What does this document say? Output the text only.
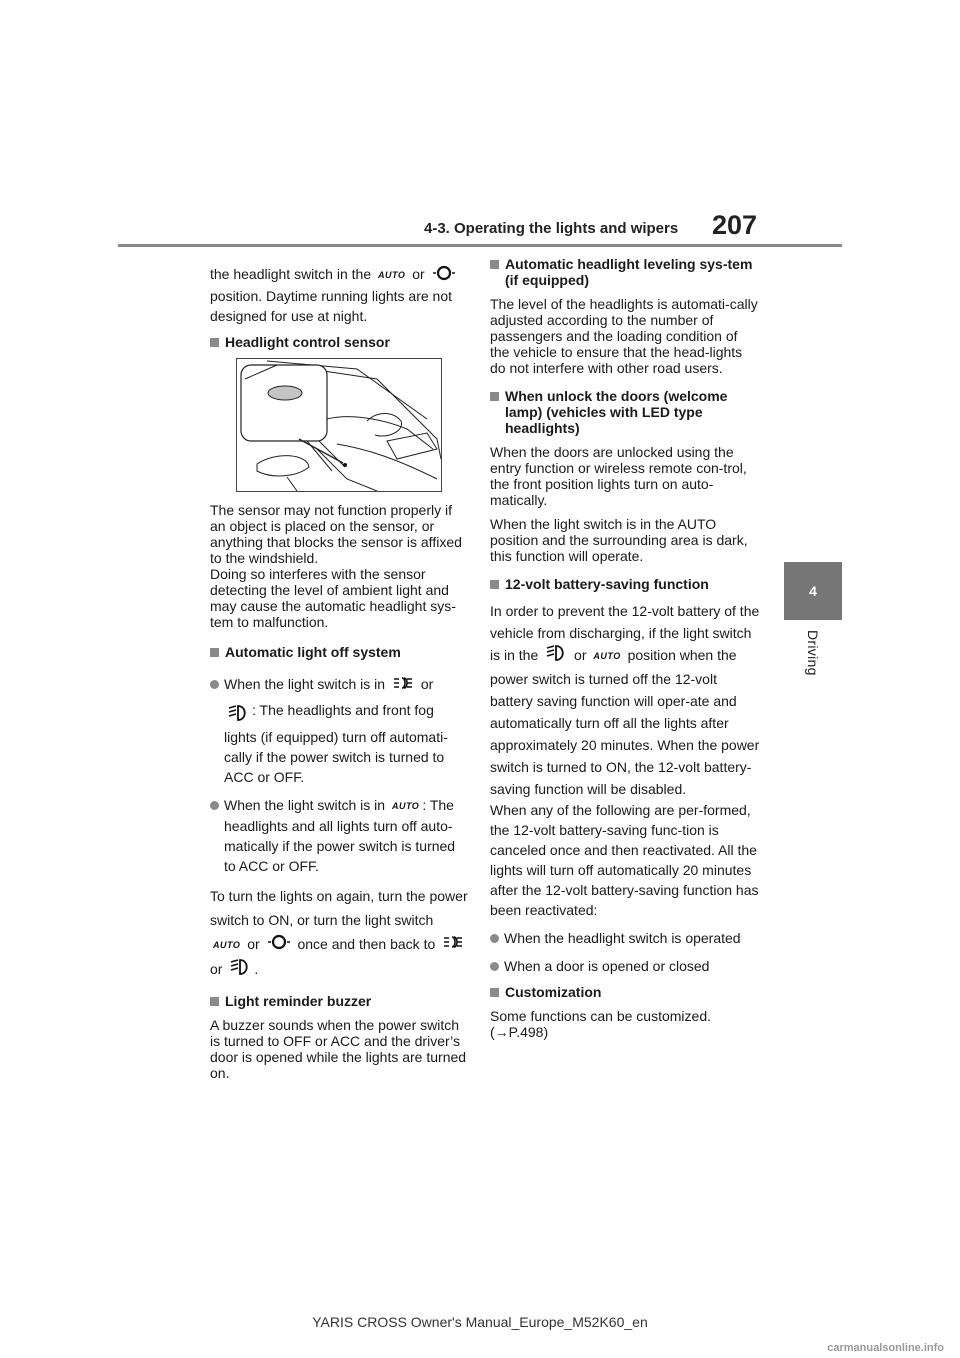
4-3. Operating the lights and wipers 207
4
Driving

the headlight switch in the AUTO or  position. Daytime running lights are not designed for use at night.

Headlight control sensor

The sensor may not function properly if an object is placed on the sensor, or anything that blocks the sensor is affixed to the windshield.

Doing so interferes with the sensor detecting the level of ambient light and may cause the automatic headlight sys-tem to malfunction.

Automatic light off system
When the light switch is in	or
: The headlights and front fog lights (if equipped) turn off automati-cally if the power switch is turned to ACC or OFF.
When the light switch is in AUTO : The headlights and all lights turn off auto-matically if the power switch is turned to ACC or OFF.

To turn the lights on again, turn the power switch to ON, or turn the light switch AUTO or	once and then back to  or .

Light reminder buzzer

A buzzer sounds when the power switch is turned to OFF or ACC and the driver’s door is opened while the lights are turned on.

Automatic headlight leveling sys-tem (if equipped)

The level of the headlights is automati-cally adjusted according to the number of passengers and the loading condition of the vehicle to ensure that the head-lights do not interfere with other road users.

When unlock the doors (welcome lamp) (vehicles with LED type headlights)

When the doors are unlocked using the entry function or wireless remote con-trol, the front position lights turn on auto-matically.

When the light switch is in the AUTO position and the surrounding area is dark, this function will operate.

12-volt battery-saving function

In order to prevent the 12-volt battery of the vehicle from discharging, if the light switch is in the	or AUTO position when the power switch is turned off the 12-volt battery saving function will oper-ate and automatically turn off all the lights after approximately 20 minutes. When the power switch is turned to ON, the 12-volt battery-saving function will be disabled.

When any of the following are per-formed, the 12-volt battery-saving func-tion is canceled once and then reactivated. All the lights will turn off automatically 20 minutes after the 12-volt battery-saving function has been reactivated:

When the headlight switch is operated
When a door is opened or closed
Customization

Some functions can be customized. (→P.498)

YARIS CROSS Owner's Manual_Europe_M52K60_en
carmanualsonline.info
